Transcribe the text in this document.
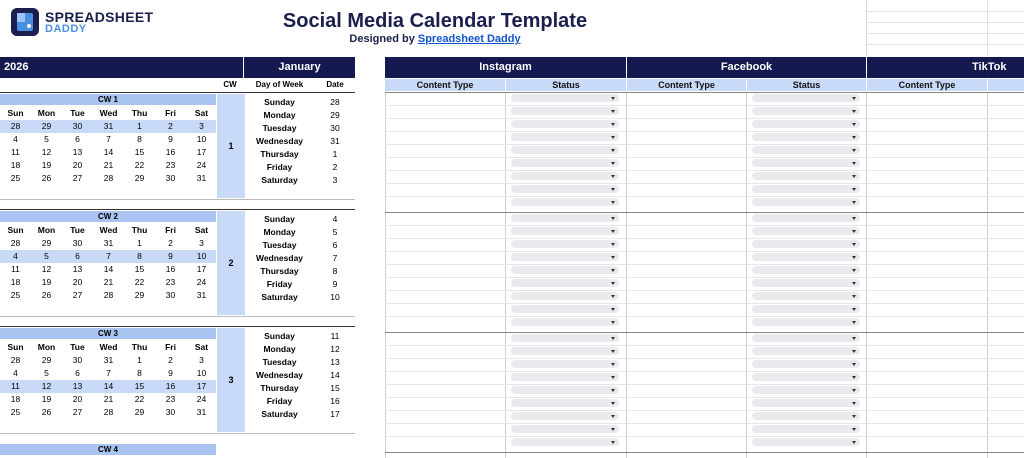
SPREADSHEET
DADDY	Social Media Calendar Template
Designed by Spreadsheet Daddy
2026	January	Instagram	Facebook	TikTok
CW	Day of Week	Date	Content Type	Status	Content Type	Status	Content Type
CW 1
Sun	Mon	Tue	Wed	Thu	Fri	Sat
28	29	30	31	1	2	3
4	5	6	7	8	9	10
11	12	13	14	15	16	17
18	19	20	21	22	23	24
25	26	27	28	29	30	31
1
Sunday	28
Monday	29
Tuesday	30
Wednesday	31
Thursday	1
Friday	2
Saturday	3
CW 2
Sun	Mon	Tue	Wed	Thu	Fri	Sat
28	29	30	31	1	2	3
4	5	6	7	8	9	10
11	12	13	14	15	16	17
18	19	20	21	22	23	24
25	26	27	28	29	30	31
2
Sunday	4
Monday	5
Tuesday	6
Wednesday	7
Thursday	8
Friday	9
Saturday	10
CW 3
Sun	Mon	Tue	Wed	Thu	Fri	Sat
28	29	30	31	1	2	3
4	5	6	7	8	9	10
11	12	13	14	15	16	17
18	19	20	21	22	23	24
25	26	27	28	29	30	31
3
Sunday	11
Monday	12
Tuesday	13
Wednesday	14
Thursday	15
Friday	16
Saturday	17
CW 4
